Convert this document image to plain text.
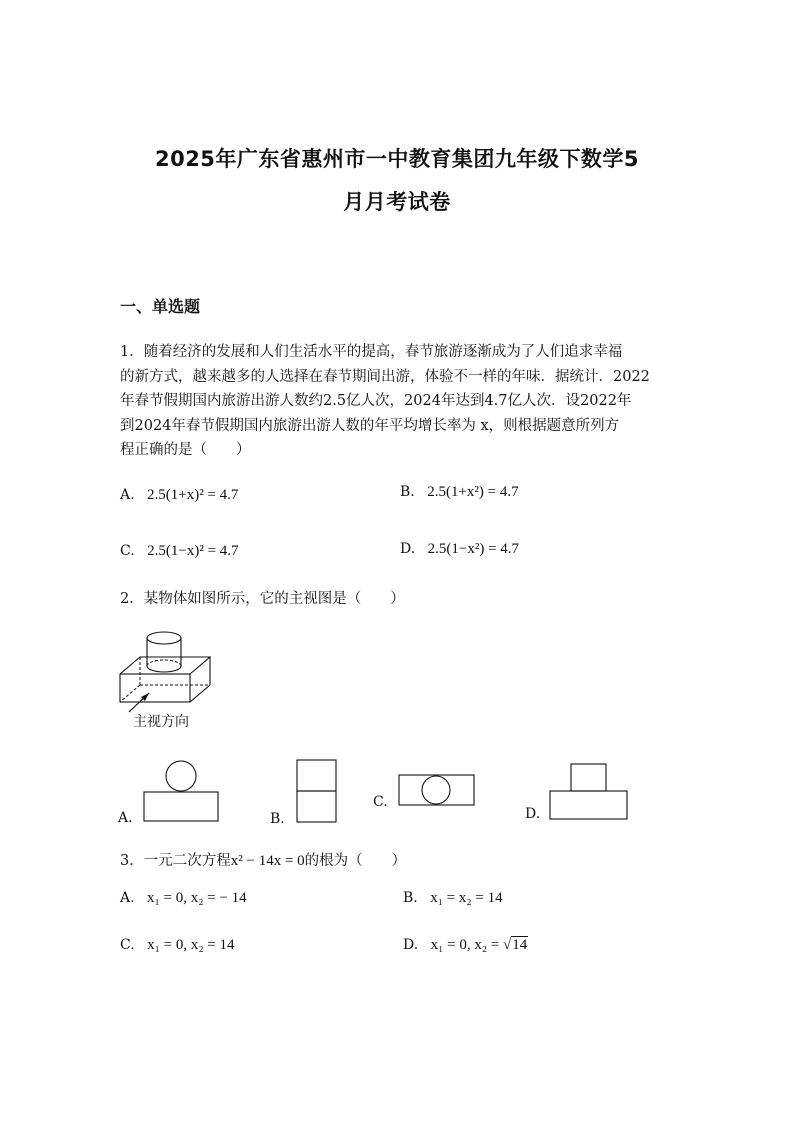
2025年广东省惠州市一中教育集团九年级下数学5
月月考试卷
一、单选题
1．随着经济的发展和人们生活水平的提高，春节旅游逐渐成为了人们追求幸福
的新方式，越来越多的人选择在春节期间出游，体验不一样的年味．据统计．2022
年春节假期国内旅游出游人数约2.5亿人次，2024年达到4.7亿人次．设2022年
到2024年春节假期国内旅游出游人数的年平均增长率为 x，则根据题意所列方
程正确的是（　　）
A. 2.5(1+x)² = 4.7	B. 2.5(1+x²) = 4.7
C. 2.5(1−x)² = 4.7	D. 2.5(1−x²) = 4.7
2．某物体如图所示，它的主视图是（　　）
主视方向
A.	B.
C.
D.
3．一元二次方程x² − 14x = 0的根为（　　）
A. x₁ = 0, x₂ = − 14	B. x₁ = x₂ = 14
C. x₁ = 0, x₂ = 14	D. x₁ = 0, x₂ = √14
